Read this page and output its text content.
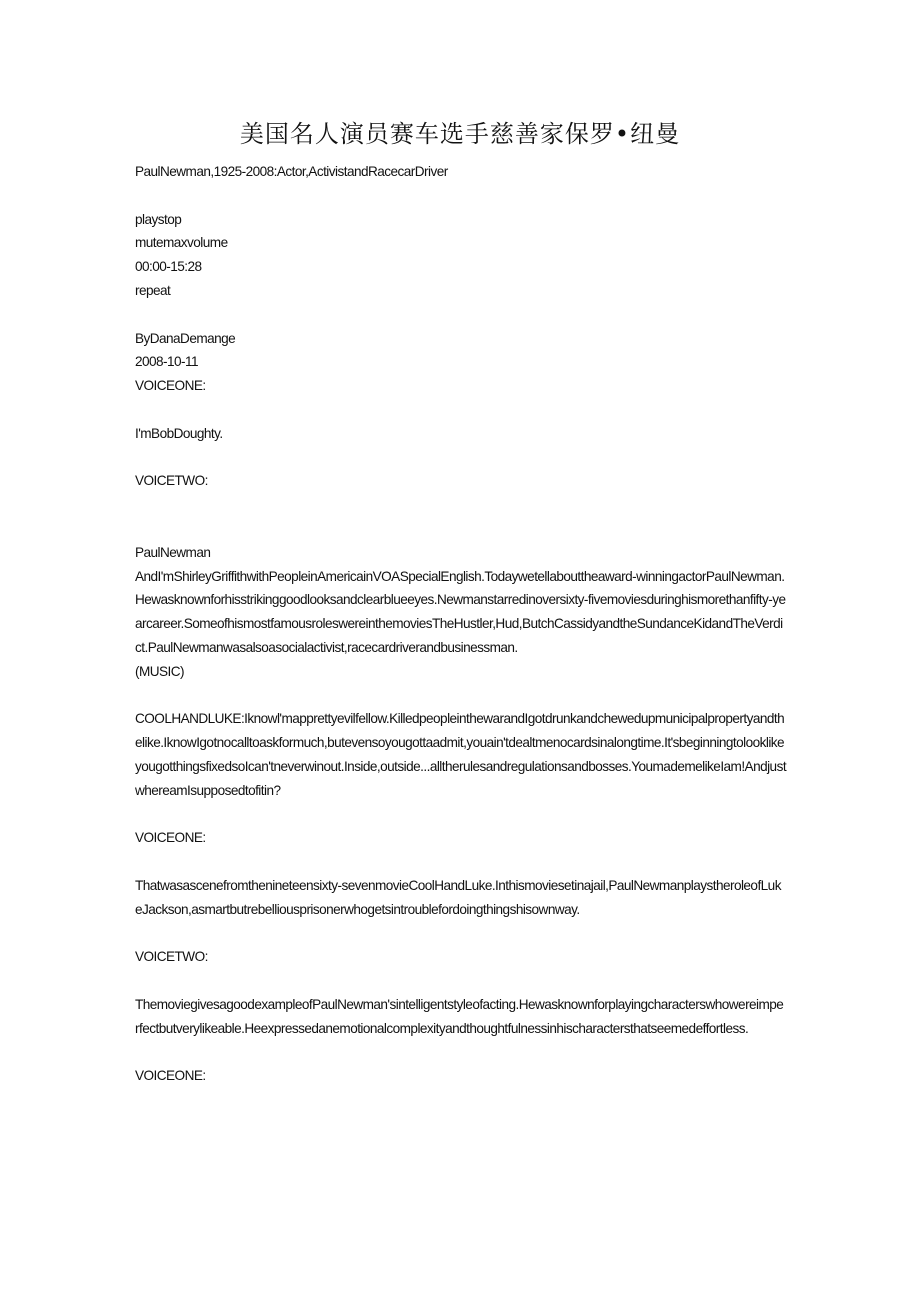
美国名人演员赛车选手慈善家保罗•纽曼
PaulNewman,1925-2008:Actor,ActivistandRacecarDriver
playstop
mutemaxvolume
00:00-15:28
repeat
ByDanaDemange
2008-10-11
VOICEONE:
I'mBobDoughty.
VOICETWO:
PaulNewman
AndI'mShirleyGriffithwithPeopleinAmericainVOASpecialEnglish.Todaywetellabouttheaward-winningactorPaulNewman.Hewasknownforhisstrikinggoodlooksandclearblueeyes.Newmanstarredinoversixty-fivemoviesduringhismorethanfifty-yearcareer.SomeofhismostfamousroleswereinthemoviesTheHustler,Hud,ButchCassidyandtheSundanceKidandTheVerdict.PaulNewmanwasalsoasocialactivist,racecardriverandbusinessman.
(MUSIC)
COOLHANDLUKE:Iknowl'mapprettyevilfellow.KilledpeopleinthewarandIgotdrunkandchewedupmunicipalpropertyandthelike.IknowIgotnocalltoaskformuch,butevensoyougottaadmit,youain'tdealtmenocardsinalongtime.It'sbeginningtolooklikeyougotthingsfixedsoIcan'tneverwinout.Inside,outside...alltherulesandregulationsandbosses.YoumademelikeIam!AndjustwhereamIsupposedtofitin?
VOICEONE:
Thatwasascenefromthenineteensixty-sevenmovieCoolHandLuke.Inthismoviesetinajail,PaulNewmanplaystheroleofLukeJackson,asmartbutrebelliousprisonerwhogetsintroublefordoingthingshisownway.
VOICETWO:
ThemoviegivesagoodexampleofPaulNewman'sintelligentstyleofacting.Hewasknownforplayingcharacterswhowereimperfectbutverylikeable.Heexpressedanemotionalcomplexityandthoughtfulnessinhischaractersthatseemedeffortless.
VOICEONE:
